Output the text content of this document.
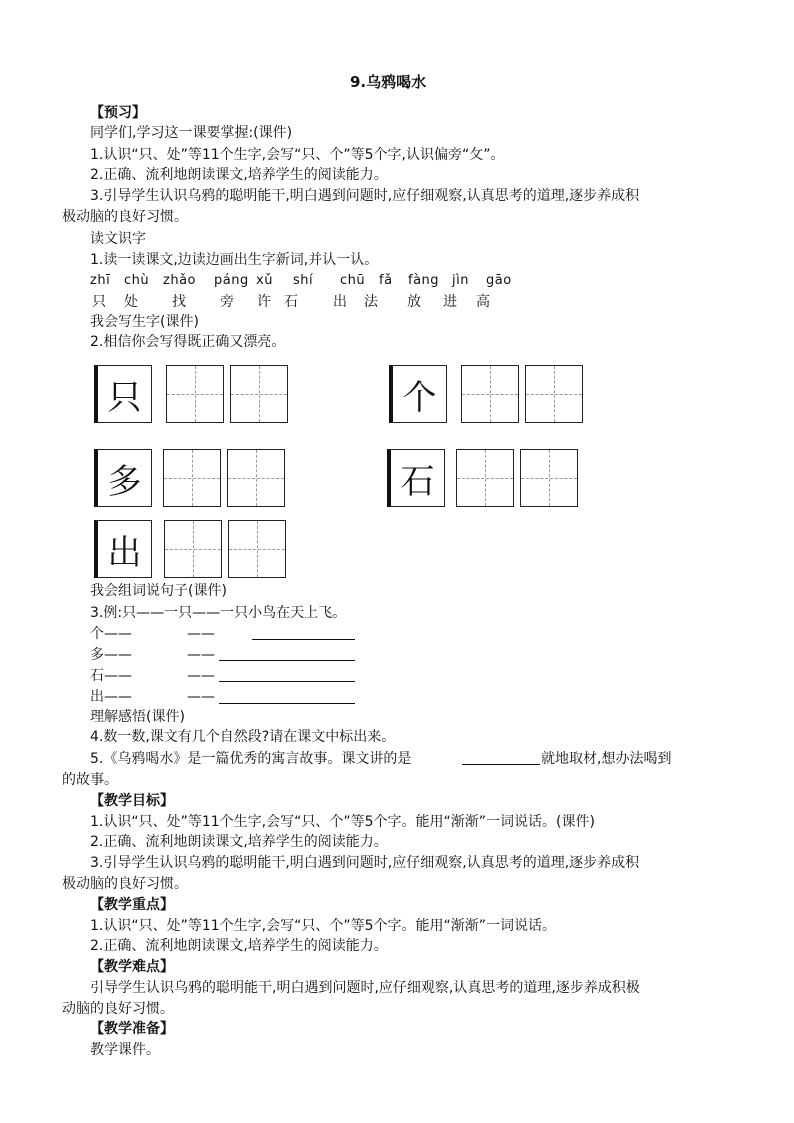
9.乌鸦喝水
【预习】
同学们,学习这一课要掌握:(课件)
1.认识“只、处”等11个生字,会写“只、个”等5个字,认识偏旁“攵”。
2.正确、流利地朗读课文,培养学生的阅读能力。
3.引导学生认识乌鸦的聪明能干,明白遇到问题时,应仔细观察,认真思考的道理,逐步养成积
极动脑的良好习惯。
读文识字
1.读一读课文,边读边画出生字新词,并认一认。
zhī chù zhǎo páng xǔ shí chū fǎ fàng jìn gāo
只 处 找 旁 许 石	出 法 放 进 高
我会写生字(课件)
2.相信你会写得既正确又漂亮。
只	个
多	石
出
我会组词说句子(课件)
3.例:只——一只——一只小鸟在天上飞。
个——	——
多——	——
石——	——
出——	——
理解感悟(课件)
4.数一数,课文有几个自然段?请在课文中标出来。
5.《乌鸦喝水》是一篇优秀的寓言故事。课文讲的是	就地取材,想办法喝到
的故事。
【教学目标】
1.认识“只、处”等11个生字,会写“只、个”等5个字。能用“渐渐”一词说话。(课件)
2.正确、流利地朗读课文,培养学生的阅读能力。
3.引导学生认识乌鸦的聪明能干,明白遇到问题时,应仔细观察,认真思考的道理,逐步养成积
极动脑的良好习惯。
【教学重点】
1.认识“只、处”等11个生字,会写“只、个”等5个字。能用“渐渐”一词说话。
2.正确、流利地朗读课文,培养学生的阅读能力。
【教学难点】
引导学生认识乌鸦的聪明能干,明白遇到问题时,应仔细观察,认真思考的道理,逐步养成积极
动脑的良好习惯。
【教学准备】
教学课件。
